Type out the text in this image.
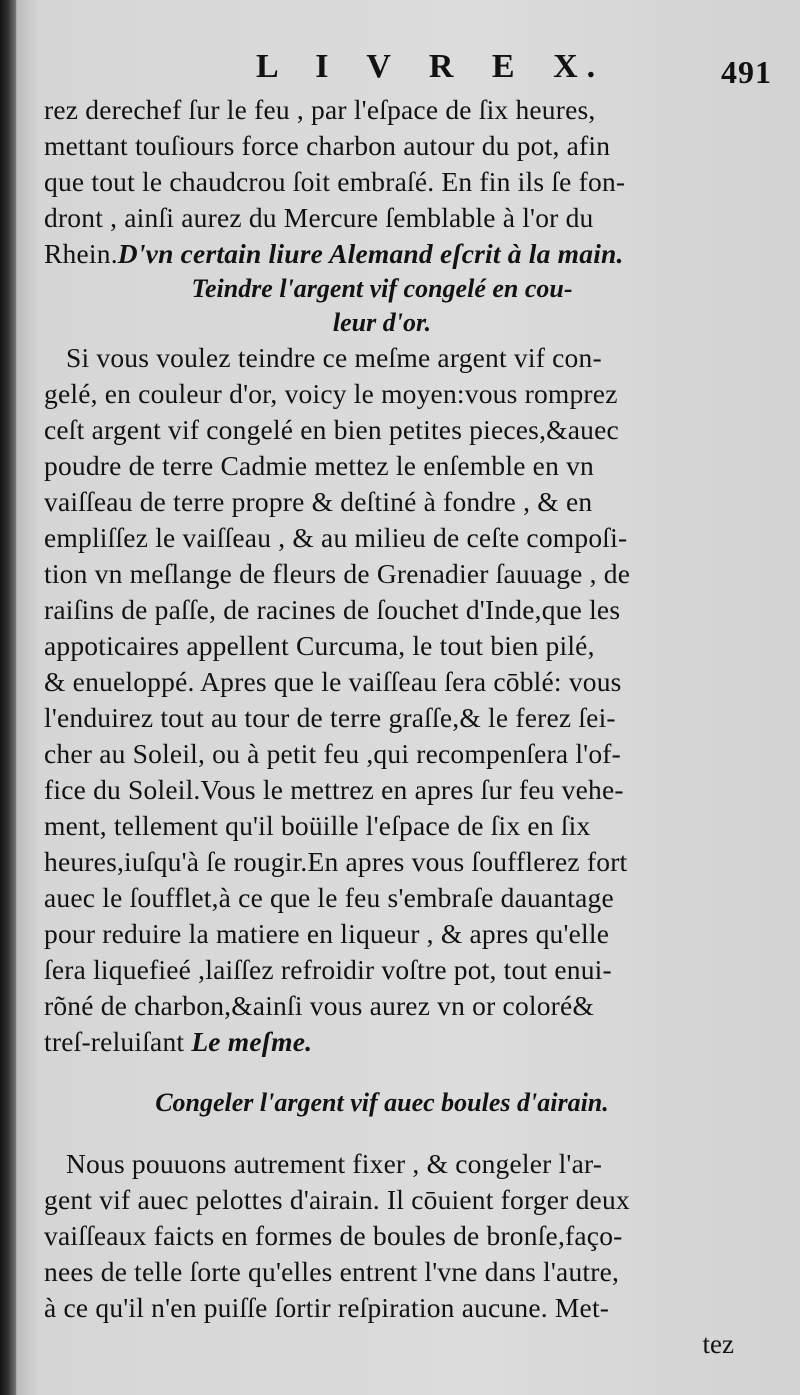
L I V R E X.	491
rez derechef ſur le feu , par l'eſpace de ſix heures,
mettant touſiours force charbon autour du pot, afin
que tout le chaudcrou ſoit embraſé. En fin ils ſe fon-
dront , ainſi aurez du Mercure ſemblable à l'or du
Rhein.D'vn certain liure Alemand eſcrit à la main.
Teindre l'argent vif congelé en cou-
leur d'or.
Si vous voulez teindre ce meſme argent vif con-
gelé, en couleur d'or, voicy le moyen:vous romprez
ceſt argent vif congelé en bien petites pieces,&auec
poudre de terre Cadmie mettez le enſemble en vn
vaiſſeau de terre propre & deſtiné à fondre , & en
empliſſez le vaiſſeau , & au milieu de ceſte compoſi-
tion vn meſlange de fleurs de Grenadier ſauuage , de
raiſins de paſſe, de racines de ſouchet d'Inde,que les
appoticaires appellent Curcuma, le tout bien pilé,
& enueloppé. Apres que le vaiſſeau ſera cōblé: vous
l'enduirez tout au tour de terre graſſe,& le ferez ſei-
cher au Soleil, ou à petit feu ,qui recompenſera l'of-
fice du Soleil.Vous le mettrez en apres ſur feu vehe-
ment, tellement qu'il boüille l'eſpace de ſix en ſix
heures,iuſqu'à ſe rougir.En apres vous ſoufflerez fort
auec le ſoufflet,à ce que le feu s'embraſe dauantage
pour reduire la matiere en liqueur , & apres qu'elle
ſera liquefieé ,laiſſez refroidir voſtre pot, tout enui-
rõné de charbon,&ainſi vous aurez vn or coloré&
treſ-reluiſant Le meſme.
Congeler l'argent vif auec boules d'airain.
Nous pouuons autrement fixer , & congeler l'ar-
gent vif auec pelottes d'airain. Il cōuient forger deux
vaiſſeaux faicts en formes de boules de bronſe,faço-
nees de telle ſorte qu'elles entrent l'vne dans l'autre,
à ce qu'il n'en puiſſe ſortir reſpiration aucune. Met-
tez
